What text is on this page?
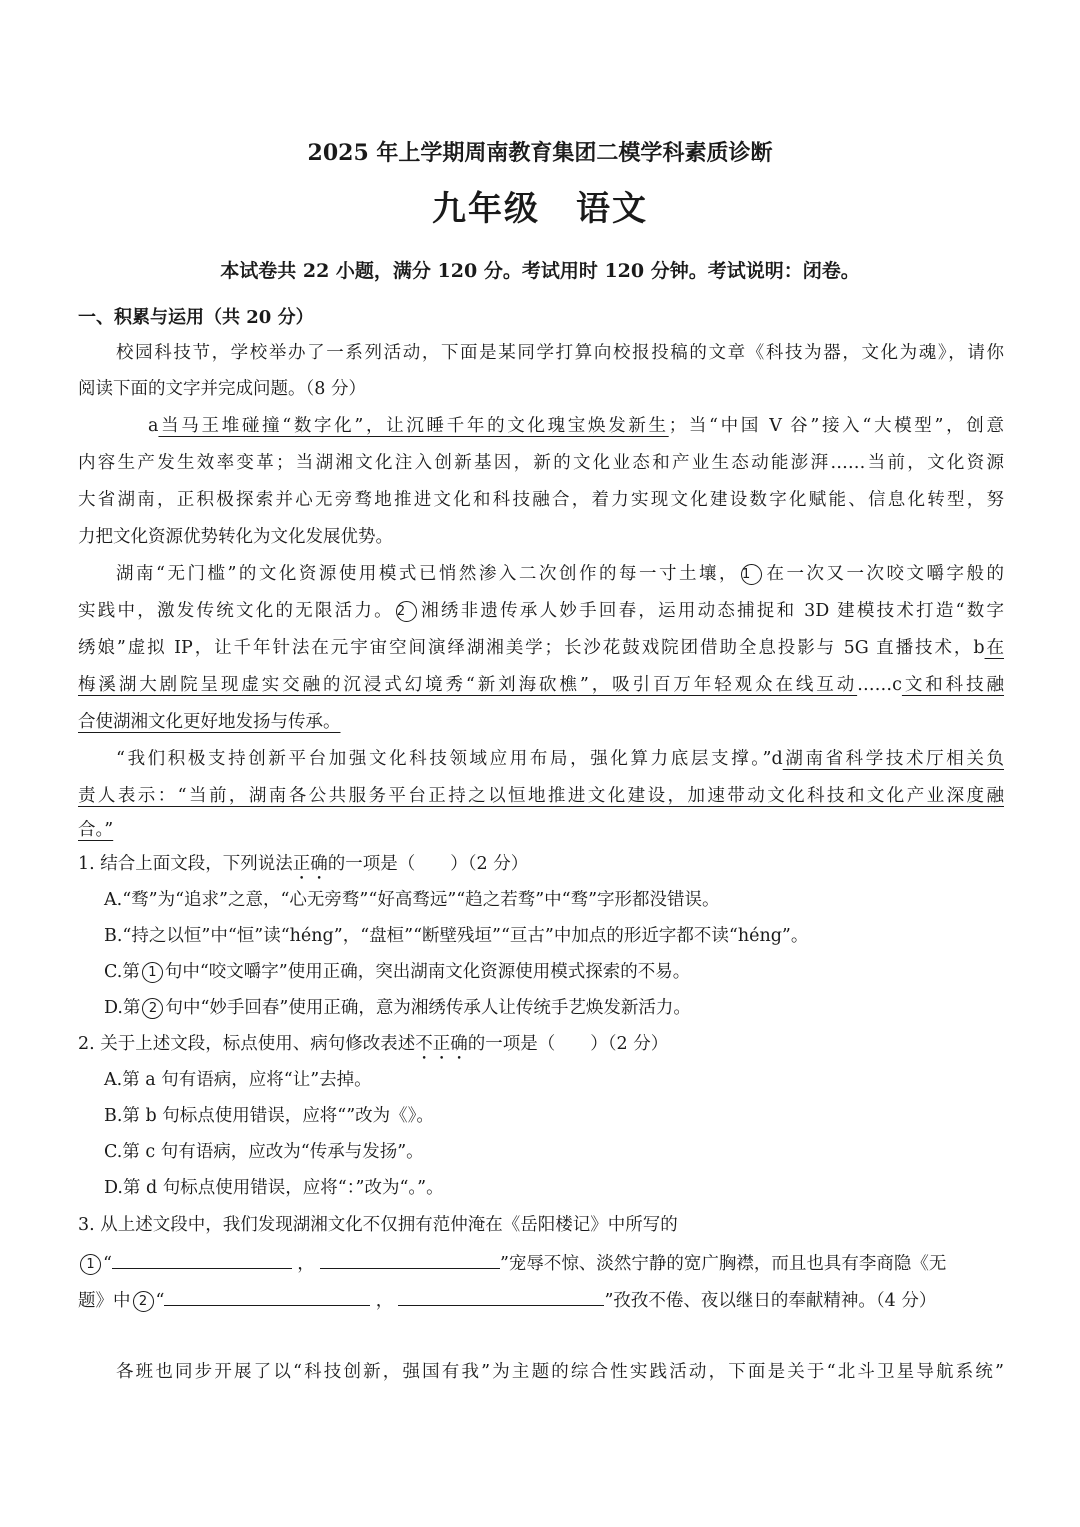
2025 年上学期周南教育集团二模学科素质诊断
九年级 语文
本试卷共 22 小题，满分 120 分。考试用时 120 分钟。考试说明：闭卷。
一、积累与运用（共 20 分）
校园科技节，学校举办了一系列活动，下面是某同学打算向校报投稿的文章《科技为器，文化为魂》，请你
阅读下面的文字并完成问题。（8 分）
a当马王堆碰撞“数字化”，让沉睡千年的文化瑰宝焕发新生；当“中国 V 谷”接入“大模型”，创意
内容生产发生效率变革；当湖湘文化注入创新基因，新的文化业态和产业生态动能澎湃……当前，文化资源
大省湖南，正积极探索并心无旁骛地推进文化和科技融合，着力实现文化建设数字化赋能、信息化转型，努
力把文化资源优势转化为文化发展优势。
湖南“无门槛”的文化资源使用模式已悄然渗入二次创作的每一寸土壤， 1 在一次又一次咬文嚼字般的
实践中，激发传统文化的无限活力。 2 湘绣非遗传承人妙手回春，运用动态捕捉和 3D 建模技术打造“数字
绣娘”虚拟 IP，让千年针法在元宇宙空间演绎湖湘美学；长沙花鼓戏院团借助全息投影与 5G 直播技术，b在
梅溪湖大剧院呈现虚实交融的沉浸式幻境秀“新刘海砍樵”，吸引百万年轻观众在线互动……c文和科技融
合使湖湘文化更好地发扬与传承。
“我们积极支持创新平台加强文化科技领域应用布局，强化算力底层支撑。”d湖南省科学技术厅相关负
责人表示：“当前，湖南各公共服务平台正持之以恒地推进文化建设，加速带动文化科技和文化产业深度融
合。”
1. 结合上面文段，下列说法正确的一项是（　　）（2 分）
A.“骛”为“追求”之意，“心无旁骛”“好高骛远”“趋之若骛”中“骛”字形都没错误。
B.“持之以恒”中“恒”读“héng”，“盘桓”“断壁残垣”“亘古”中加点的形近字都不读“héng”。
C.第 1 句中“咬文嚼字”使用正确，突出湖南文化资源使用模式探索的不易。
D.第 2 句中“妙手回春”使用正确，意为湘绣传承人让传统手艺焕发新活力。
2. 关于上述文段，标点使用、病句修改表述不正确的一项是（　　）（2 分）
A.第 a 句有语病，应将“让”去掉。
B.第 b 句标点使用错误，应将“”改为《》。
C.第 c 句有语病，应改为“传承与发扬”。
D.第 d 句标点使用错误，应将“：”改为“。”。
3. 从上述文段中，我们发现湖湘文化不仅拥有范仲淹在《岳阳楼记》中所写的
1 “	，	”宠辱不惊、淡然宁静的宽广胸襟，而且也具有李商隐《无
题》中 2 “	，	”孜孜不倦、夜以继日的奉献精神。（4 分）
各班也同步开展了以“科技创新，强国有我”为主题的综合性实践活动，下面是关于“北斗卫星导航系统”
